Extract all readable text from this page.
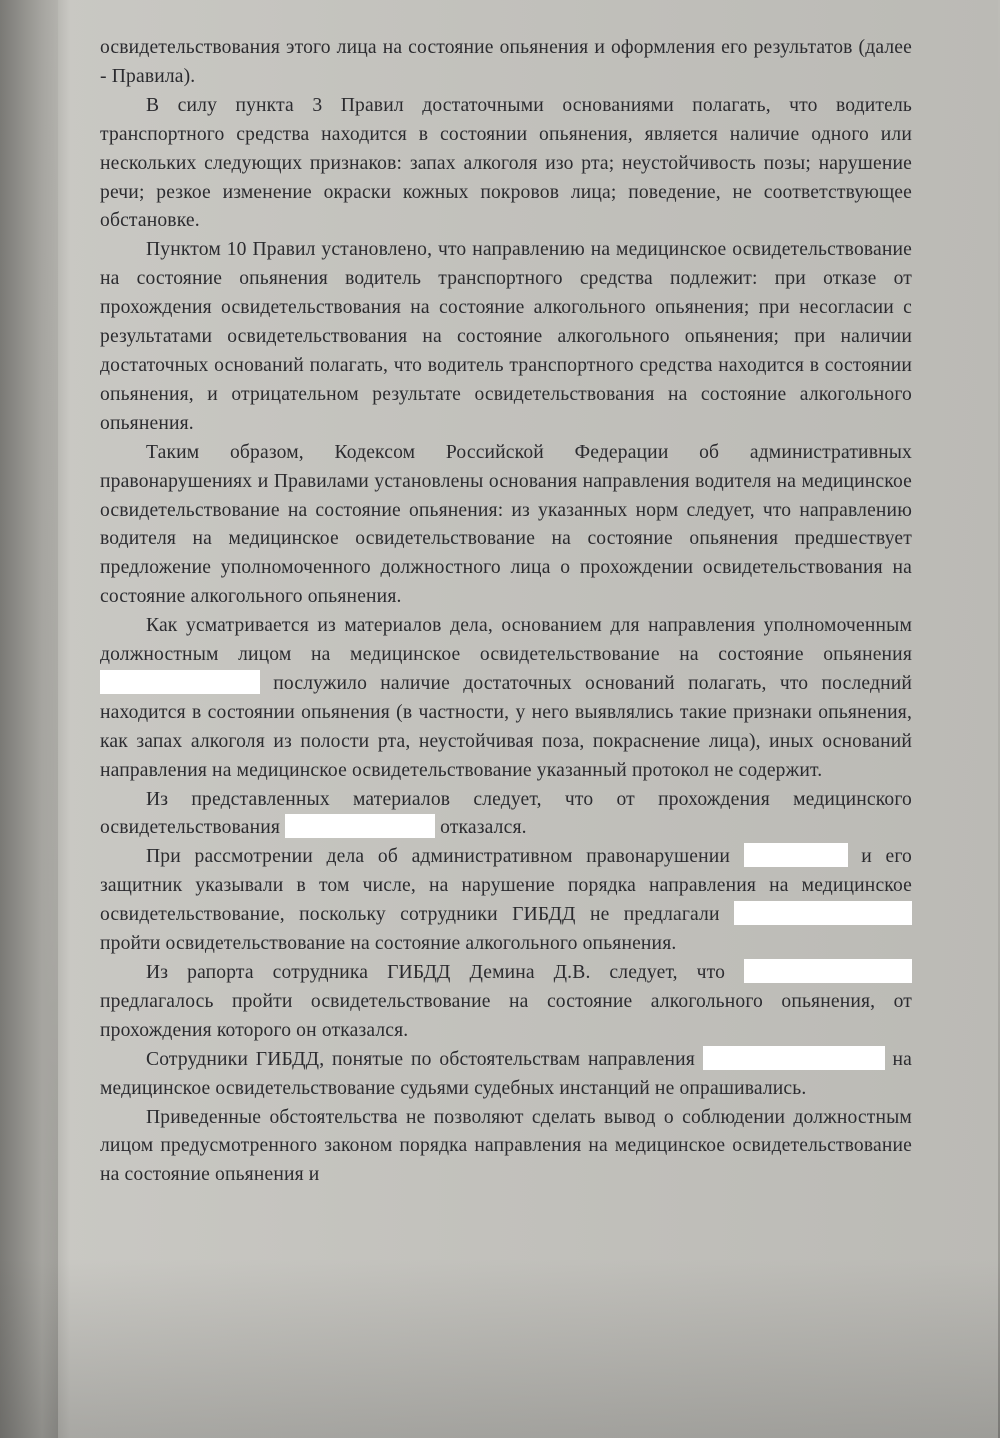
освидетельствования этого лица на состояние опьянения и оформления его результатов (далее - Правила).

В силу пункта 3 Правил достаточными основаниями полагать, что водитель транспортного средства находится в состоянии опьянения, является наличие одного или нескольких следующих признаков: запах алкоголя изо рта; неустойчивость позы; нарушение речи; резкое изменение окраски кожных покровов лица; поведение, не соответствующее обстановке.

Пунктом 10 Правил установлено, что направлению на медицинское освидетельствование на состояние опьянения водитель транспортного средства подлежит: при отказе от прохождения освидетельствования на состояние алкогольного опьянения; при несогласии с результатами освидетельствования на состояние алкогольного опьянения; при наличии достаточных оснований полагать, что водитель транспортного средства находится в состоянии опьянения, и отрицательном результате освидетельствования на состояние алкогольного опьянения.

Таким образом, Кодексом Российской Федерации об административных правонарушениях и Правилами установлены основания направления водителя на медицинское освидетельствование на состояние опьянения: из указанных норм следует, что направлению водителя на медицинское освидетельствование на состояние опьянения предшествует предложение уполномоченного должностного лица о прохождении освидетельствования на состояние алкогольного опьянения.

Как усматривается из материалов дела, основанием для направления уполномоченным должностным лицом на медицинское освидетельствование на состояние опьянения  послужило наличие достаточных оснований полагать, что последний находится в состоянии опьянения (в частности, у него выявлялись такие признаки опьянения, как запах алкоголя из полости рта, неустойчивая поза, покраснение лица), иных оснований направления на медицинское освидетельствование указанный протокол не содержит.

Из представленных материалов следует, что от прохождения медицинского освидетельствования	отказался.

При рассмотрении дела об административном правонарушении	и его защитник указывали в том числе, на нарушение порядка направления на медицинское освидетельствование, поскольку сотрудники ГИБДД не предлагали  пройти освидетельствование на состояние алкогольного опьянения.

Из рапорта сотрудника ГИБДД Демина Д.В. следует, что  предлагалось пройти освидетельствование на состояние алкогольного опьянения, от прохождения которого он отказался.

Сотрудники ГИБДД, понятые по обстоятельствам направления	на медицинское освидетельствование судьями судебных инстанций не опрашивались.

Приведенные обстоятельства не позволяют сделать вывод о соблюдении должностным лицом предусмотренного законом порядка направления на медицинское освидетельствование на состояние опьянения и
